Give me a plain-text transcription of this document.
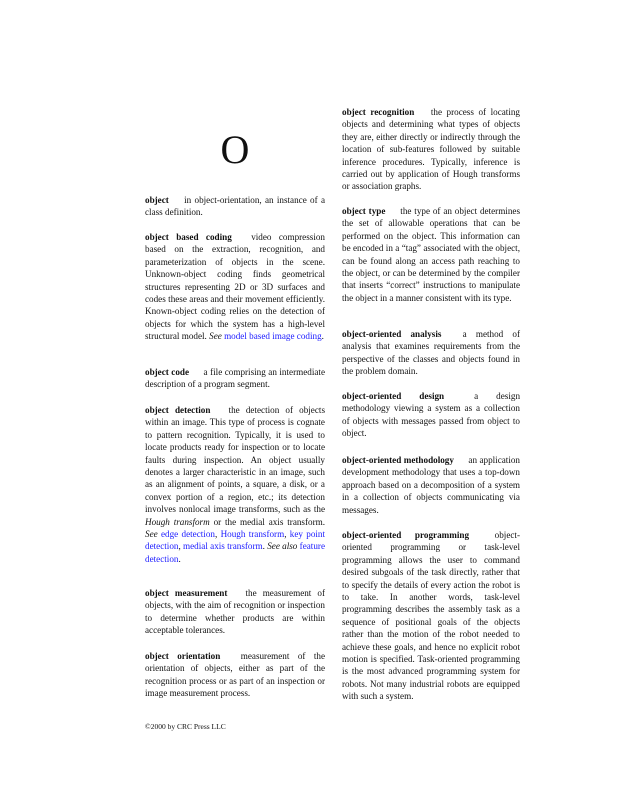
O

object in object-orientation, an instance of a class definition.

object based coding video compression based on the extraction, recognition, and parameterization of objects in the scene. Unknown-object coding finds geometrical structures representing 2D or 3D surfaces and codes these areas and their movement efficiently. Known-object coding relies on the detection of objects for which the system has a high-level structural model. See model based image coding.

object code a file comprising an intermediate description of a program segment.

object detection the detection of objects within an image. This type of process is cognate to pattern recognition. Typically, it is used to locate products ready for inspection or to locate faults during inspection. An object usually denotes a larger characteristic in an image, such as an alignment of points, a square, a disk, or a convex portion of a region, etc.; its detection involves nonlocal image transforms, such as the Hough transform or the medial axis transform. See edge detection, Hough transform, key point detection, medial axis transform. See also feature detection.

object measurement the measurement of objects, with the aim of recognition or inspection to determine whether products are within acceptable tolerances.

object orientation measurement of the orientation of objects, either as part of the recognition process or as part of an inspection or image measurement process.

object recognition the process of locating objects and determining what types of objects they are, either directly or indirectly through the location of sub-features followed by suitable inference procedures. Typically, inference is carried out by application of Hough transforms or association graphs.

object type the type of an object determines the set of allowable operations that can be performed on the object. This information can be encoded in a “tag” associated with the object, can be found along an access path reaching to the object, or can be determined by the compiler that inserts “correct” instructions to manipulate the object in a manner consistent with its type.

object-oriented analysis a method of analysis that examines requirements from the perspective of the classes and objects found in the problem domain.

object-oriented design	a design methodology viewing a system as a collection of objects with messages passed from object to object.

object-oriented methodology an application development methodology that uses a top-down approach based on a decomposition of a system in a collection of objects communicating via messages.

object-oriented programming	object-oriented programming or task-level programming allows the user to command desired subgoals of the task directly, rather that to specify the details of every action the robot is to take. In another words, task-level programming describes the assembly task as a sequence of positional goals of the objects rather than the motion of the robot needed to achieve these goals, and hence no explicit robot motion is specified. Task-oriented programming is the most advanced programming system for robots. Not many industrial robots are equipped with such a system.

©2000 by CRC Press LLC
